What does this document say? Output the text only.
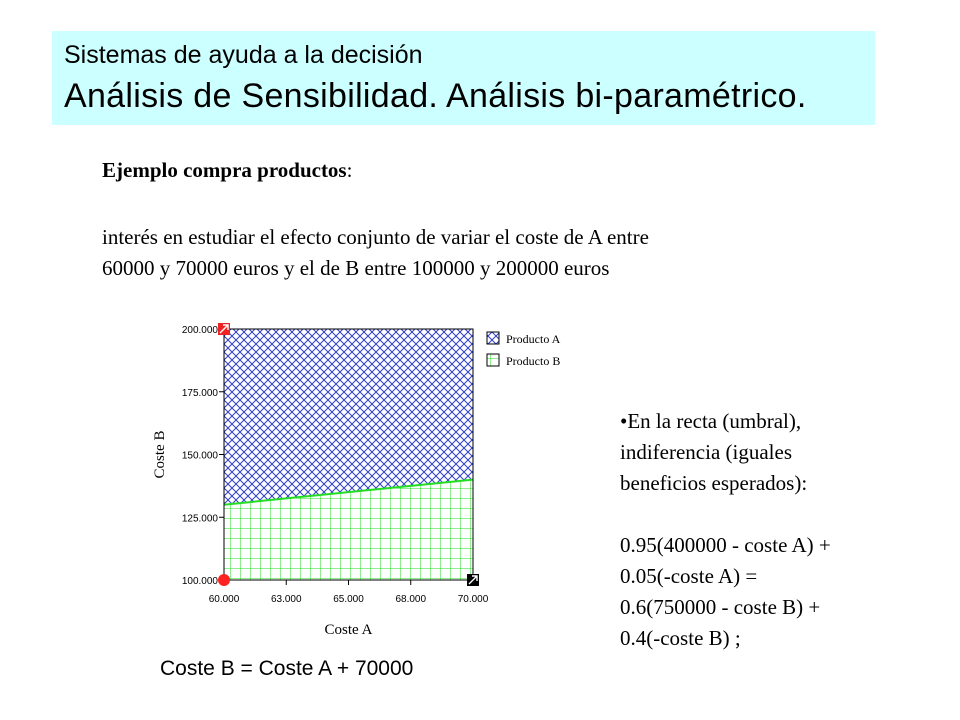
Sistemas de ayuda a la decisión
Análisis de Sensibilidad. Análisis bi-paramétrico.
Ejemplo compra productos:
interés en estudiar el efecto conjunto de variar el coste de A entre
60000 y 70000 euros y el de B entre 100000 y 200000 euros
100.000
125.000
150.000
175.000
200.000
60.000	63.000	65.000	68.000	70.000
Coste A
Coste B
Producto A
Producto B
•En la recta (umbral),
indiferencia (iguales
beneficios esperados):
0.95(400000 - coste A) +
0.05(-coste A) =
0.6(750000 - coste B) +
0.4(-coste B) ;
Coste B = Coste A + 70000
